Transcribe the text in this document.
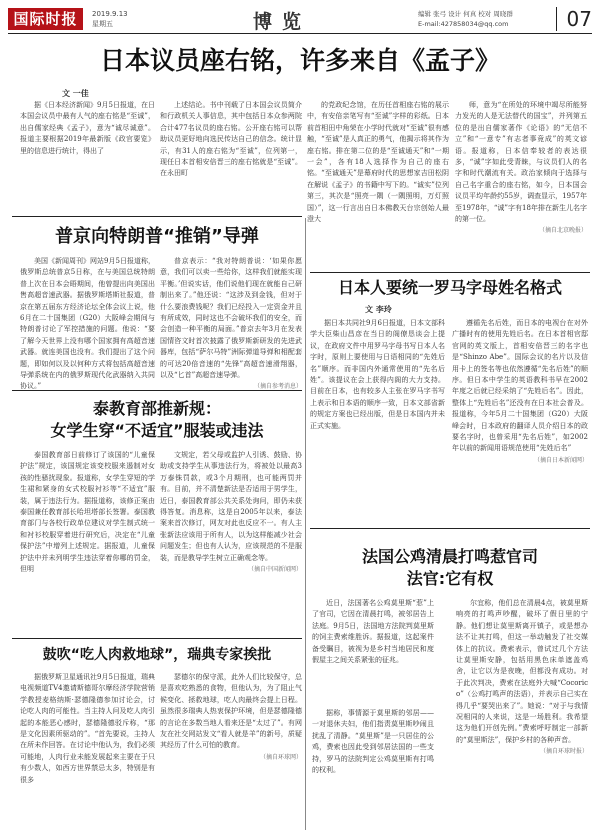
国际时报	2019.9.13
星期五	博览	编辑 张弓 设计 何真 校对 周晓群
E-mail:427858034@qq.com	07
日本议员座右铭，许多来自《孟子》
文 一佳

据《日本经济新闻》9月5日报道，在日本国会议员中最有人气的座右铭是“至诚”，出自儒家经典《孟子》，意为“诚尽诚意”。报道主要根据2019年最新版《政官要览》里的信息进行统计，得出了

上述结论。书中刊载了日本国会议员简介和行政机关人事信息，其中包括日本众参两院合计477名议员的座右铭。公开座右铭可以帮助议员更好地向选民传达自己的信念。统计显示，有31人的座右铭为“至诚”，位列第一，现任日本首相安倍晋三的座右铭就是“至诚”。在永田町

的党政纪念馆，在历任首相座右铭的展示中，有安倍亲笔写有“至诚”字样的彩纸。日本前首相田中角荣在小学时代就对“至诚”很有感触，“至诚”是人真正的勇气，他揭示将其作为座右铭。排在第二位的是“至诚通天”和“一期一会”，各有18人选择作为自己的座右铭。“至诚通天”是幕府时代的思想家吉田松阴在解说《孟子》的书籍中写下的。“诚实”位列第三，其次是“照亮一隅（一隅照明，万灯照国）”，这一行言出自日本佛教天台宗创始人最澄大

师，意为“在所处的环境中竭尽所能努力发光的人是无法替代的国宝”，并列第五位的是出自儒家著作《论语》的“无信不立”和“一意专”有志者事竟成”的英文谚语。报道称，日本信奉较者的表达很多，“诚”字如此受青睐，与议员们人的名字和时代潮流有关。政治家倾向于选择与自己名字重合的座右铭，如今，日本国会议员平均年龄约55岁，调查显示，1957年至1978年，“诚”字有18年排在新生儿名字的第一位。

（摘自北京晚报）
普京向特朗普“推销”导弹

美国《新闻周刊》网站9月5日报道称，俄罗斯总统普京5日称，在与美国总统特朗普上次在日本会晤期间，他曾提出向美国出售高超音速武器。据俄罗斯塔斯社报道，普京在第五届东方经济论坛全体会议上说，他6月在二十国集团（G20）大阪峰会期间与特朗普讨论了军控措施的问题。他说：“要了解今天世界上没有哪个国家拥有高超音速武器。就连美国也没有。我们提出了这个问题，即如何以及以何种方式将包括高超音速导弹系统在内的俄罗斯现代化武器纳入共同协议。”

普京表示：“我对特朗普说：‘如果你愿意，我们可以卖一些给你，这样我们就能实现平衡。’但说实话，他们说他们现在就能自己研制出来了。”他还说：“这涉及到金钱，但对于什么要浪费钱呢？我们已经投入一定资金并且有所成效，同时这也不会破坏我们的安全，而会创造一种平衡的局面。”普京去年3月在发表国情咨文时首次披露了俄罗斯新研发的先进武器库，包括“萨尔马特”洲际弹道导弹和相配套的可达20倍音速的“先锋”高超音速滑翔器，以及“匕首”高超音速导弹。

（摘自参考消息）
泰教育部推新规：
女学生穿“不适宜”服装或违法

泰国教育部日前修订了该国的“儿童保护法”规定，该国规定该变校服来遏制对女孩的性骚扰现象。报道称，女学生穿短的学生裙和紧身的女式校服衬衫等“不适宜”服装，属于违法行为。据报道称，该修正案由泰国兼任教育部长哈坦塔部长签署。泰国教育部门与各校行政单位建议对学生制式统一和衬衫校服穿着进行研究后，决定在“儿童保护法”中增列上述规定。据报道，儿童保护法中并未列明学生违法穿着你哪的罚金，但明

文规定，若父母或监护人引诱、鼓励、协助或支持学生从事违法行为，将被处以最高3万泰铢罚款，或3个月期刑，也可能两罚并有。目前，并不清楚新法是否适用于男学生，近日，泰国教育部公共关系处询问，即仍未获得答复。消息称，这是自2005年以来，泰法案来首次修订，网友对此也反应不一。有人主张新法应该用于所有人，以为这样能减少社会问题发生；但也有人认为，应该规范的不是服装，而是教导学生树立正确观念等。

（摘自中国新闻网）
鼓吹“吃人肉救地球”，瑞典专家挨批

据俄罗斯卫星通讯社9月5日报道，瑞典电视频道TV4邀请斯德哥尔摩经济学院营销学教授麦格纳斯·瑟德隆德参加讨论会，讨论吃人肉的可能性。当主持人问及吃人肉引起的本能恶心感时，瑟德隆德驳斥称，“那是文化因素所驱动的”。“首先要说，主持人在所未作回答。在讨论中他认为，我们必须可能地，人肉行业未能发展起来主要在于只有少数人，如西方世界禁忌太多，特别是有很多

瑟德尔的保守派，此外人们比较保守，总是喜欢吃熟悉的食物，但他认为，为了阻止气候变化、拯救地球，吃人肉最终会提上日程。虽然很多瑞典人热衷保护环境，但是瑟德隆德的言论在多数当地人看来还是“太过了”。有网友在社交网站发文“看人就是羊”的新号，质疑其经历了什么可怕的教育。

（摘自环球网）
日本人要统一罗马字母姓名格式
文 李玲

据日本共同社9月6日报道，日本文部科学大臣柴山昌彦在当日的阁僚恳谈会上提议，在政府文件中用罗马字母书写日本人名字时，原则上要使用与日语相同的“先姓后名”顺序。而非国内外通常使用的“先名后姓”。该提议在会上获得内阁的大力支持。目前在日本，也有较多人主张在罗马字书写上表示和日本语的顺序一致，日本文部省新的规定方案也已经出版，但是日本国内并未正式实施。

遵循先名后姓，而日本的电视台在对外广播时有的使用先姓后名。在日本首相官邸官网的英文版上，首相安倍晋三的名字也是“Shinzo Abe”。国际会议的名片以及信用卡上的签名等也依然遵循“先名后姓”的顺序。但日本中学生的英语教科书早在2002年度之后就已经采纳了“先姓后名”。因此，整体上“先姓后名”还没有在日本社会普及。报道称，今年5月二十国集团（G20）大阪峰会时，日本政府的翻译人员介绍日本的政要名字时，也曾采用“先名后姓”，如2002年以前的新闻用语规范使用“先姓后名”

（摘自日本新闻网）
法国公鸡清晨打鸣惹官司
法官:它有权

近日，法国著名公鸡莫里斯“惹”上了官司，它因在清晨打鸣，被邻居告上法庭。9月5日，法国地方法院判莫里斯的饲主费索维胜诉。据报道，这起案件备受瞩目，被视为是乡村当地居民和度假屋主之间关系紧张的征兆。

据称，事情源于莫里斯的邻居——一对退休夫妇，他们指责莫里斯吵闹且扰乱了清静。“莫里斯”是一只居住的公鸡，费索也因此受到邻居法国的一些支持，罗马的法院判定公鸡莫里斯有打鸣的权利。

尔宜称，他们总在清晨4点，被莫里斯响亮的打鸣声吵醒，破坏了假日里的宁静。他们想让莫里斯离开镇子，或是想办法不让其打鸣，但这一举动触发了社交媒体上的抗议。费索表示，曾试过几个方法让莫里斯安静，包括用黑色床单遮盖鸡舍，让它以为是夜晚，但都没有成功。对于此次判决，费索在法庭外大喊“Cocorico”（公鸡打鸣声的法语），并表示自己实在得几乎“要哭出来了”。她说：“对于与我情况相同的人来说，这是一场胜利。我希望这为他们开创先例。”费索呼吁制定一部新的“莫里斯法”，保护乡村的各种声音。

（摘自环球时报）
